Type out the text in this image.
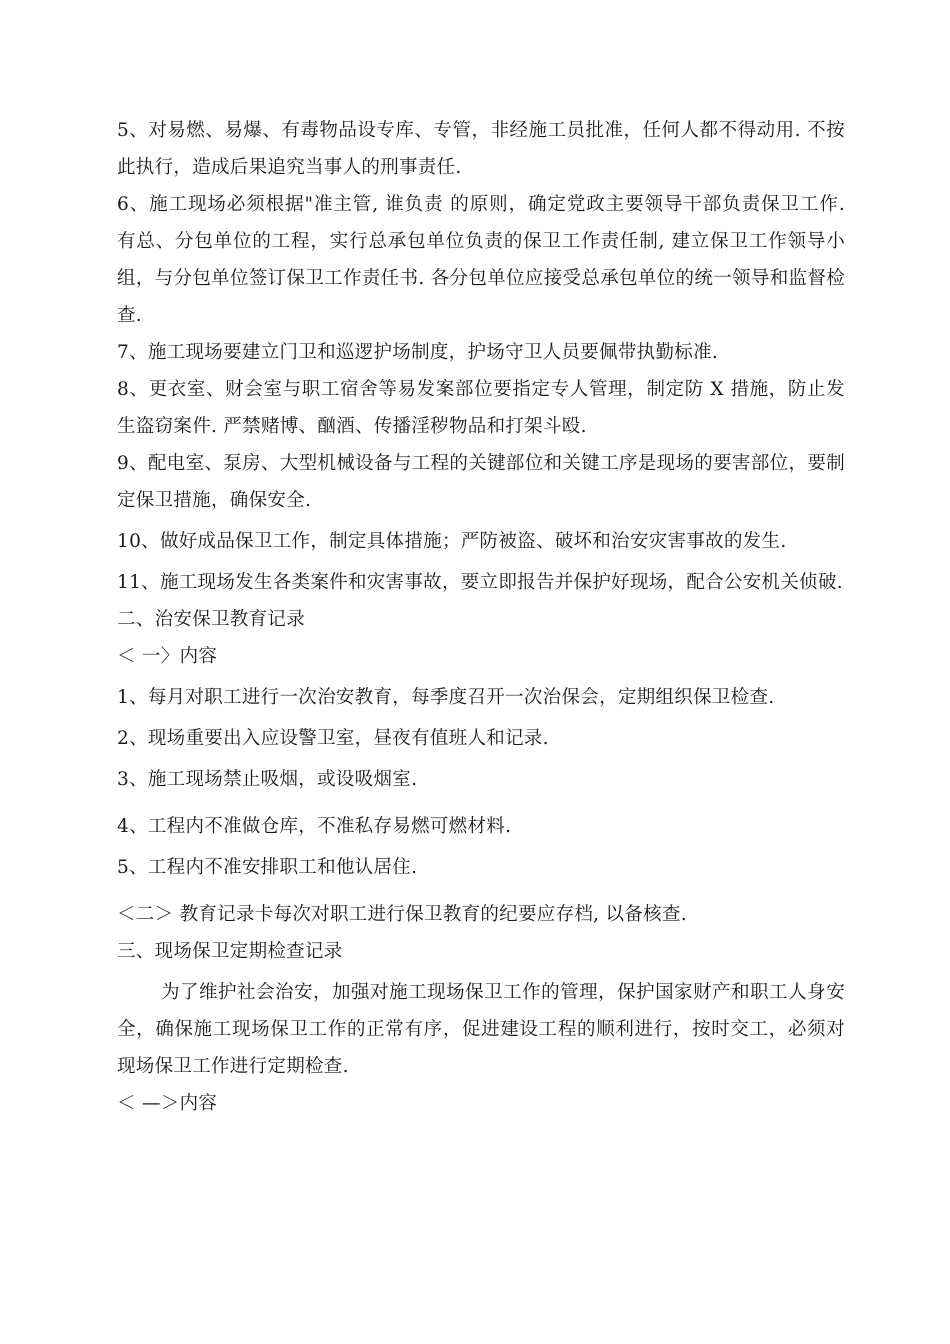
5、对易燃、易爆、有毒物品设专库、专管，非经施工员批准，任何人都不得动用. 不按此执行，造成后果追究当事人的刑事责任.

6、施工现场必须根据"准主管, 谁负责 的原则，确定党政主要领导干部负责保卫工作. 有总、分包单位的工程，实行总承包单位负责的保卫工作责任制, 建立保卫工作领导小组，与分包单位签订保卫工作责任书. 各分包单位应接受总承包单位的统一领导和监督检查.

7、施工现场要建立门卫和巡逻护场制度，护场守卫人员要佩带执勤标准.

8、更衣室、财会室与职工宿舍等易发案部位要指定专人管理，制定防 X 措施，防止发生盗窃案件. 严禁赌博、酗酒、传播淫秽物品和打架斗殴.

9、配电室、泵房、大型机械设备与工程的关键部位和关键工序是现场的要害部位，要制定保卫措施，确保安全.

10、做好成品保卫工作，制定具体措施；严防被盗、破坏和治安灾害事故的发生.

11、施工现场发生各类案件和灾害事故，要立即报告并保护好现场，配合公安机关侦破.

二、治安保卫教育记录

＜ 一〉内容

1、每月对职工进行一次治安教育，每季度召开一次治保会，定期组织保卫检查.

2、现场重要出入应设警卫室，昼夜有值班人和记录.

3、施工现场禁止吸烟，或设吸烟室.

4、工程内不准做仓库，不准私存易燃可燃材料.

5、工程内不准安排职工和他认居住.

＜二＞ 教育记录卡每次对职工进行保卫教育的纪要应存档, 以备核查.

三、现场保卫定期检查记录

为了维护社会治安，加强对施工现场保卫工作的管理，保护国家财产和职工人身安全，确保施工现场保卫工作的正常有序，促进建设工程的顺利进行，按时交工，必须对现场保卫工作进行定期检查.

＜ —＞内容
